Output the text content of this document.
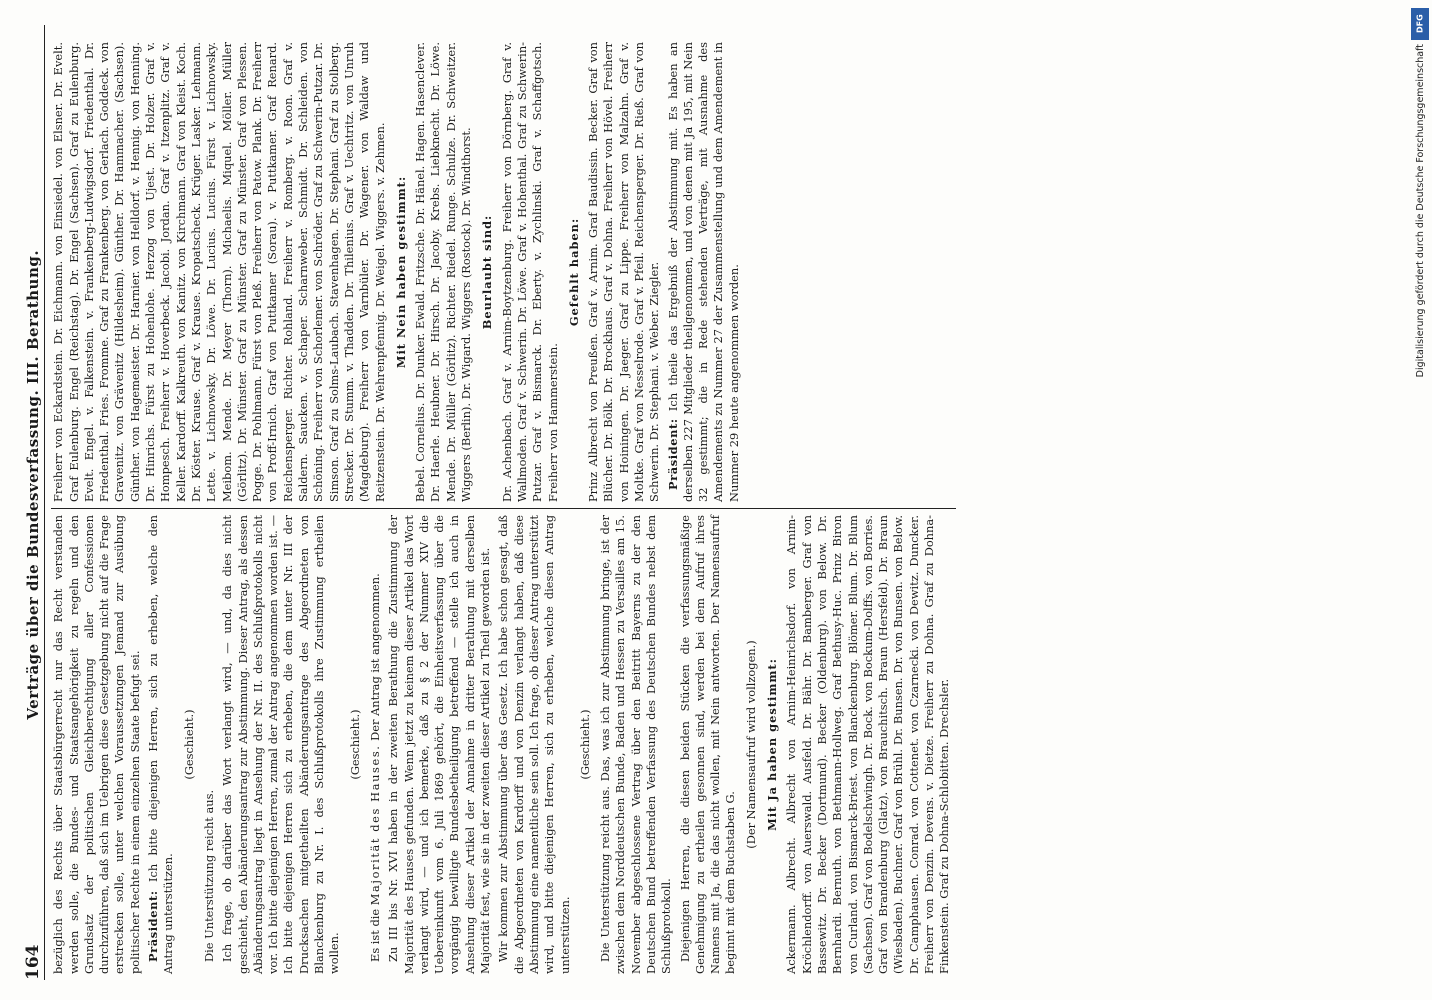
164
Verträge über die Bundesverfassung. III. Berathung.

bezüglich des Rechts über Staatsbürgerrecht nur das Recht verstanden werden solle, die Bundes- und Staatsangehörigkeit zu regeln und den Grundsatz der politischen Gleichberechtigung aller Confessionen durchzuführen, daß sich im Uebrigen diese Gesetzgebung nicht auf die Frage erstrecken solle, unter welchen Voraussetzungen Jemand zur Ausübung politischer Rechte in einem einzelnen Staate befugt sei. Präsident: Ich bitte diejenigen Herren, sich zu erheben, welche den Antrag unterstützen.

(Geschieht.)

Die Unterstützung reicht aus. Ich frage, ob darüber das Wort verlangt wird, — und, da dies nicht geschieht, den Abänderungsantrag zur Abstimmung. Dieser Antrag, als dessen Abänderungsantrag liegt in Ansehung der Nr. II. des Schlußprotokolls nicht vor. Ich bitte diejenigen Herren, zumal der Antrag angenommen worden ist. — Ich bitte diejenigen Herren sich zu erheben, die dem unter Nr. III der Drucksachen mitgetheilten Abänderungsantrage des Abgeordneten von Blanckenburg zu Nr. I. des Schlußprotokolls ihre Zustimmung ertheilen wollen.

(Geschieht.)

Es ist die Majorität des Hauses. Der Antrag ist angenommen. Zu III bis Nr. XVI haben in der zweiten Berathung die Zustimmung der Majorität des Hauses gefunden. Wenn jetzt zu keinem dieser Artikel das Wort verlangt wird, — und ich bemerke, daß zu § 2 der Nummer XIV die Uebereinkunft vom 6. Juli 1869 gehört, die Einheitsverfassung über die vorgängig bewilligte Bundesbetheiligung betreffend — stelle ich auch in Ansehung dieser Artikel der Annahme in dritter Berathung mit derselben Majorität fest, wie sie in der zweiten dieser Artikel zu Theil geworden ist. Wir kommen zur Abstimmung über das Gesetz. Ich habe schon gesagt, daß die Abgeordneten von Kardorff und von Denzin verlangt haben, daß diese Abstimmung eine namentliche sein soll. Ich frage, ob dieser Antrag unterstützt wird, und bitte diejenigen Herren, sich zu erheben, welche diesen Antrag unterstützen.

(Geschieht.) Die Unterstützung reicht aus. Das, was ich zur Abstimmung bringe, ist der zwischen dem Norddeutschen Bunde, Baden und Hessen zu Versailles am 15. November abgeschlossene Vertrag über den Beitritt Bayerns zu der den Deutschen Bund betreffenden Verfassung des Deutschen Bundes nebst dem Schlußprotokoll. Diejenigen Herren, die diesen beiden Stücken die verfassungsmäßige Genehmigung zu ertheilen gesonnen sind, werden bei dem Aufruf ihres Namens mit Ja, die das nicht wollen, mit Nein antworten. Der Namensaufruf beginnt mit dem Buchstaben G.

(Der Namensaufruf wird vollzogen.) Mit Ja haben gestimmt: Ackermann. Albrecht. Albrecht von Arnim-Heinrichsdorf. von Arnim-Kröchlendorff. von Auerswald. Ausfeld. Dr. Bähr. Dr. Bamberger. Graf von Bassewitz. Dr. Becker (Dortmund). Becker (Oldenburg). von Below. Dr. Bernhardi. Bernuth. von Bethmann-Hollweg. Graf Bethusy-Huc. Prinz Biron von Curland. von Bismarck-Briest. von Blanckenburg. Blömer. Blum. Dr. Blum (Sachsen). Graf von Bodelschwingh. Dr. Bock. von Bockum-Dolffs. von Borries. Graf von Brandenburg (Glatz). von Brauchitsch. Braun (Hersfeld). Dr. Braun (Wiesbaden). Buchner. Graf von Brühl. Dr. Bunsen. Dr. von Bunsen. von Below. Dr. Camphausen. Conrad. von Cottenet. von Czarnecki. von Dewitz. Duncker. Freiherr von Denzin. Devens. v. Dietze. Freiherr zu Dohna. Graf zu Dohna-Finkenstein. Graf zu Dohna-Schlobitten. Drechsler.

Freiherr von Eckardstein. Dr. Eichmann. von Einsiedel. von Elsner. Dr. Evelt. Graf Eulenburg. Engel (Reichstag). Dr. Engel (Sachsen). Graf zu Eulenburg. Evelt. Engel. v. Falkenstein. v. Frankenberg-Ludwigsdorf. Friedenthal. Dr. Friedenthal. Fries. Fromme. Graf zu Frankenberg. von Gerlach. Goddeck. von Gravenitz. von Grävenitz (Hildesheim). Günther. Dr. Hammacher. (Sachsen). Günther. von Hagemeister. Dr. Harnier. von Helldorf. v. Hennig. von Henning. Dr. Hinrichs. Fürst zu Hohenlohe. Herzog von Ujest. Dr. Holzer. Graf v. Hompesch. Freiherr v. Hoverbeck. Jacobi. Jordan. Graf v. Itzenplitz. Graf v. Keller. Kardorff. Kalkreuth. von Kanitz. von Kirchmann. Graf von Kleist. Koch. Dr. Köster. Krause. Graf v. Krause. Kropatscheck. Krüger. Lasker. Lehmann. Lette. v. Lichnowsky. Dr. Löwe. Dr. Lucius. Lucius. Fürst v. Lichnowsky. Meibom. Mende. Dr. Meyer (Thorn). Michaelis. Miquel. Möller. Müller (Görlitz). Dr. Münster. Graf zu Münster. Graf zu Münster. Graf von Plessen. Pogge. Dr. Pohlmann. Fürst von Pleß. Freiherr von Patow. Plank. Dr. Freiherr von Proff-Irnich. Graf von Puttkamer (Sorau). v. Puttkamer. Graf Renard. Reichensperger. Richter. Rohland. Freiherr v. Romberg. v. Roon. Graf v. Saldern. Saucken. v. Schaper. Scharnweber. Schmidt. Dr. Schleiden. von Schöning. Freiherr von Schorlemer. von Schröder. Graf zu Schwerin-Putzar. Dr. Simson. Graf zu Solms-Laubach. Stavenhagen. Dr. Stephani. Graf zu Stolberg. Strecker. Dr. Stumm. v. Thadden. Dr. Thilenius. Graf v. Uechtritz. von Unruh (Magdeburg). Freiherr von Varnbüler. Dr. Wagener. von Waldaw und Reitzenstein. Dr. Wehrenpfennig. Dr. Weigel. Wiggers. v. Zehmen. Mit Nein haben gestimmt: Bebel. Cornelius. Dr. Dunker. Ewald. Fritzsche. Dr. Hänel. Hagen. Hasenclever. Dr. Haerle. Heubner. Dr. Hirsch. Dr. Jacoby. Krebs. Liebknecht. Dr. Löwe. Mende. Dr. Müller (Görlitz). Richter. Riedel. Runge. Schulze. Dr. Schweitzer. Wiggers (Berlin). Dr. Wigard. Wiggers (Rostock). Dr. Windthorst. Beurlaubt sind: Dr. Achenbach. Graf v. Arnim-Boytzenburg. Freiherr von Dörnberg. Graf v. Wallmoden. Graf v. Schwerin. Dr. Löwe. Graf v. Hohenthal. Graf zu Schwerin-Putzar. Graf v. Bismarck. Dr. Eberty. v. Zychlinski. Graf v. Schaffgotsch. Freiherr von Hammerstein.

Gefehlt haben: Prinz Albrecht von Preußen. Graf v. Arnim. Graf Baudissin. Becker. Graf von Blücher. Dr. Bölk. Dr. Brockhaus. Graf v. Dohna. Freiherr von Hövel. Freiherr von Hoiningen. Dr. Jaeger. Graf zu Lippe. Freiherr von Malzahn. Graf v. Moltke. Graf von Nesselrode. Graf v. Pfeil. Reichensperger. Dr. Rieß. Graf von Schwerin. Dr. Stephani. v. Weber. Ziegler. Präsident: Ich theile das Ergebniß der Abstimmung mit. Es haben an derselben 227 Mitglieder theilgenommen, und von denen mit Ja 195, mit Nein 32 gestimmt; die in Rede stehenden Verträge, mit Ausnahme des Amendements zu Nummer 27 der Zusammenstellung und dem Amendement in Nummer 29 heute angenommen worden.

DFG
Digitalisierung gefördert durch die Deutsche Forschungsgemeinschaft
